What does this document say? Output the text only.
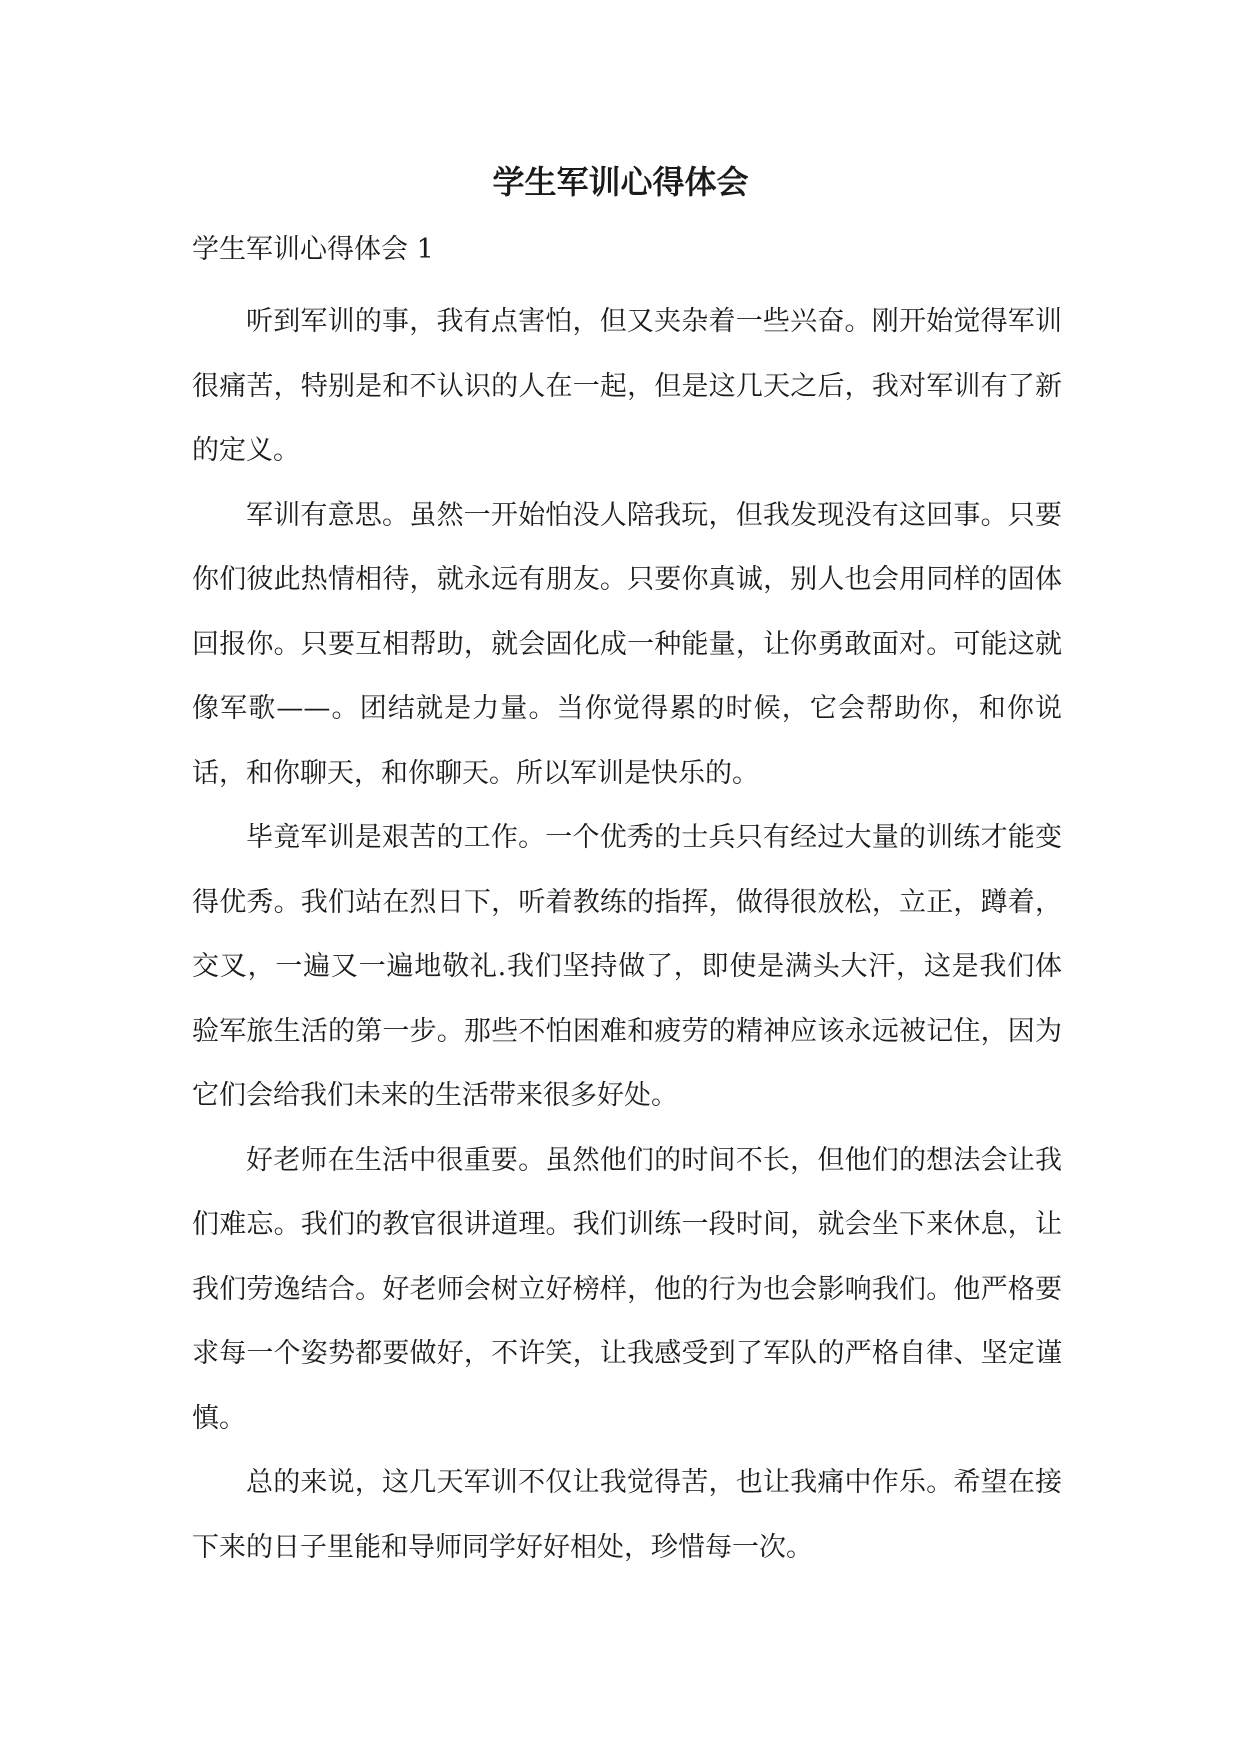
学生军训心得体会
学生军训心得体会 1

听到军训的事，我有点害怕，但又夹杂着一些兴奋。刚开始觉得军训很痛苦，特别是和不认识的人在一起，但是这几天之后，我对军训有了新的定义。

军训有意思。虽然一开始怕没人陪我玩，但我发现没有这回事。只要你们彼此热情相待，就永远有朋友。只要你真诚，别人也会用同样的固体回报你。只要互相帮助，就会固化成一种能量，让你勇敢面对。可能这就像军歌——。团结就是力量。当你觉得累的时候，它会帮助你，和你说话，和你聊天，和你聊天。所以军训是快乐的。

毕竟军训是艰苦的工作。一个优秀的士兵只有经过大量的训练才能变得优秀。我们站在烈日下，听着教练的指挥，做得很放松，立正，蹲着，交叉，一遍又一遍地敬礼.我们坚持做了，即使是满头大汗，这是我们体验军旅生活的第一步。那些不怕困难和疲劳的精神应该永远被记住，因为它们会给我们未来的生活带来很多好处。

好老师在生活中很重要。虽然他们的时间不长，但他们的想法会让我们难忘。我们的教官很讲道理。我们训练一段时间，就会坐下来休息，让我们劳逸结合。好老师会树立好榜样，他的行为也会影响我们。他严格要求每一个姿势都要做好，不许笑，让我感受到了军队的严格自律、坚定谨慎。

总的来说，这几天军训不仅让我觉得苦，也让我痛中作乐。希望在接下来的日子里能和导师同学好好相处，珍惜每一次。
